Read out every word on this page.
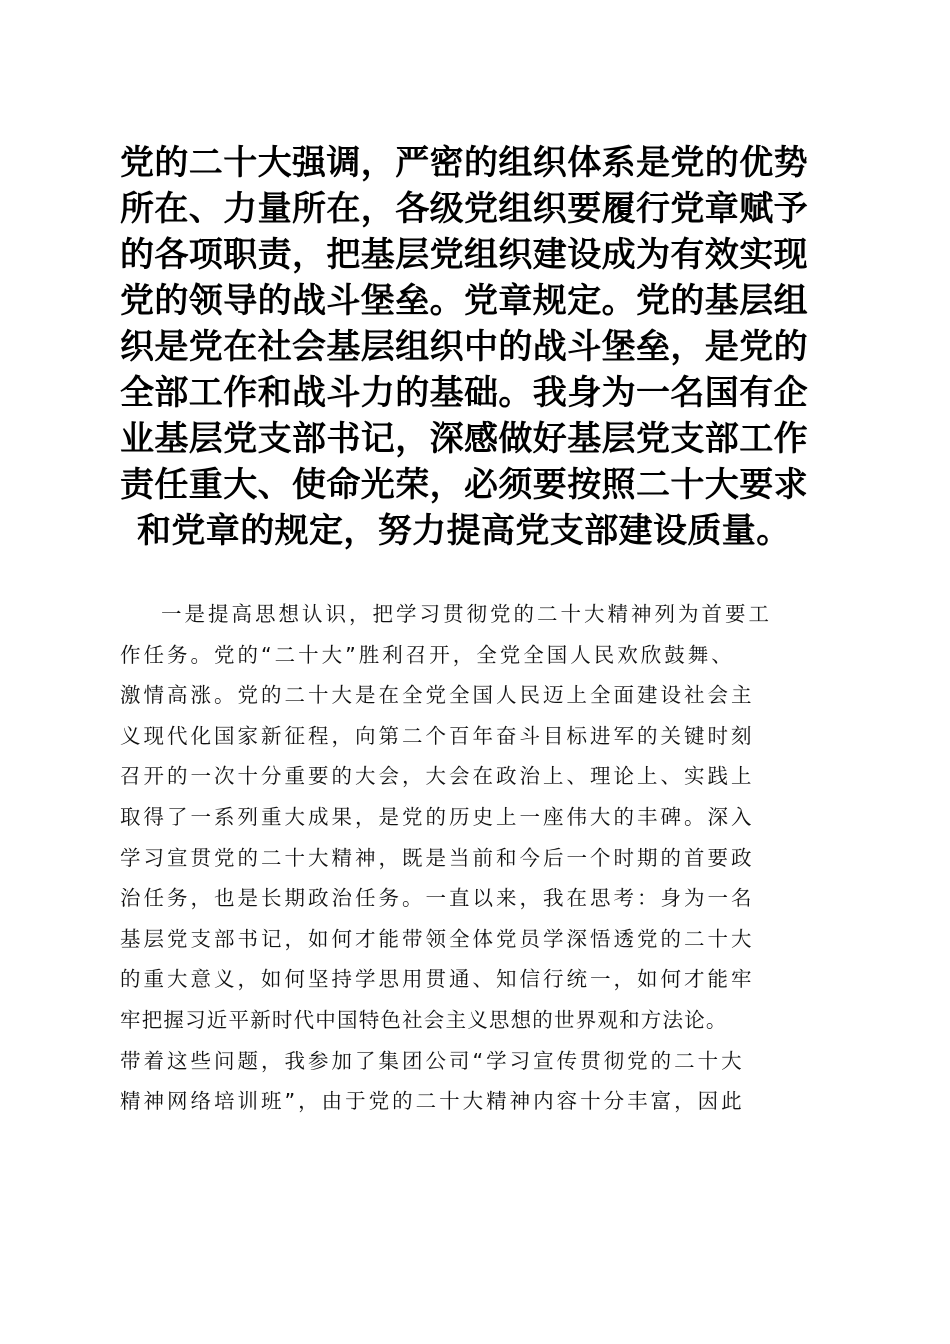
党的二十大强调，严密的组织体系是党的优势
所在、力量所在，各级党组织要履行党章赋予
的各项职责，把基层党组织建设成为有效实现
党的领导的战斗堡垒。党章规定。党的基层组
织是党在社会基层组织中的战斗堡垒，是党的
全部工作和战斗力的基础。我身为一名国有企
业基层党支部书记，深感做好基层党支部工作
责任重大、使命光荣，必须要按照二十大要求
和党章的规定，努力提高党支部建设质量。
一是提高思想认识，把学习贯彻党的二十大精神列为首要工
作任务。党的“二十大”胜利召开，全党全国人民欢欣鼓舞、
激情高涨。党的二十大是在全党全国人民迈上全面建设社会主
义现代化国家新征程，向第二个百年奋斗目标进军的关键时刻
召开的一次十分重要的大会，大会在政治上、理论上、实践上
取得了一系列重大成果，是党的历史上一座伟大的丰碑。深入
学习宣贯党的二十大精神，既是当前和今后一个时期的首要政
治任务，也是长期政治任务。一直以来，我在思考：身为一名
基层党支部书记，如何才能带领全体党员学深悟透党的二十大
的重大意义，如何坚持学思用贯通、知信行统一，如何才能牢
牢把握习近平新时代中国特色社会主义思想的世界观和方法论。
带着这些问题，我参加了集团公司“学习宣传贯彻党的二十大
精神网络培训班”，由于党的二十大精神内容十分丰富，因此
